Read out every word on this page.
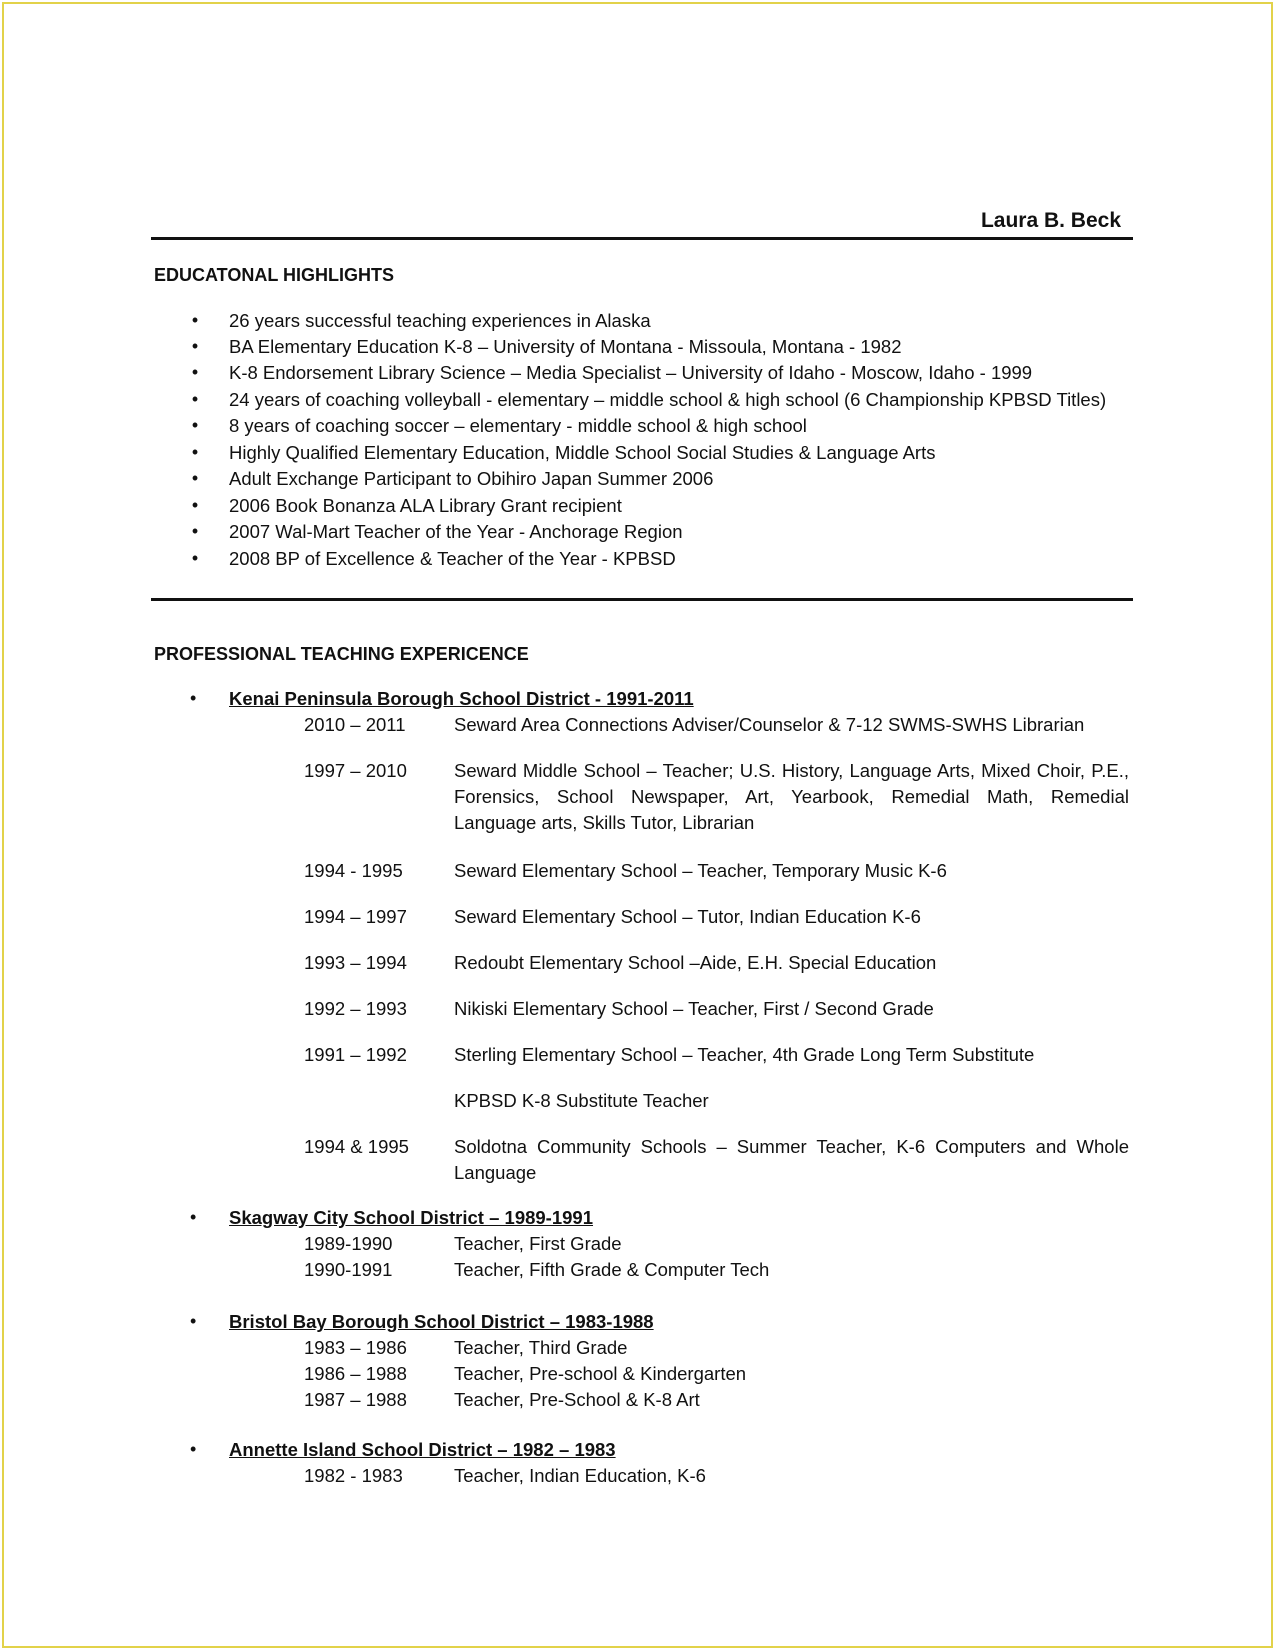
Laura B. Beck
EDUCATONAL HIGHLIGHTS
• 26 years successful teaching experiences in Alaska
• BA Elementary Education K-8 – University of Montana - Missoula, Montana - 1982
• K-8 Endorsement Library Science – Media Specialist – University of Idaho - Moscow, Idaho - 1999
• 24 years of coaching volleyball - elementary – middle school & high school (6 Championship KPBSD Titles)
• 8 years of coaching soccer – elementary - middle school & high school
• Highly Qualified Elementary Education, Middle School Social Studies & Language Arts
• Adult Exchange Participant to Obihiro Japan Summer 2006
• 2006 Book Bonanza ALA Library Grant recipient
• 2007 Wal-Mart Teacher of the Year - Anchorage Region
• 2008 BP of Excellence & Teacher of the Year - KPBSD
PROFESSIONAL TEACHING EXPERICENCE
• Kenai Peninsula Borough School District - 1991-2011
2010 – 2011	Seward Area Connections Adviser/Counselor & 7-12 SWMS-SWHS Librarian
1997 – 2010	Seward Middle School – Teacher; U.S. History, Language Arts, Mixed Choir, P.E., Forensics, School Newspaper, Art, Yearbook, Remedial Math, Remedial Language arts, Skills Tutor, Librarian
1994 - 1995	Seward Elementary School – Teacher, Temporary Music K-6
1994 – 1997	Seward Elementary School – Tutor, Indian Education K-6
1993 – 1994	Redoubt Elementary School –Aide, E.H. Special Education
1992 – 1993	Nikiski Elementary School – Teacher, First / Second Grade
1991 – 1992	Sterling Elementary School – Teacher, 4th Grade Long Term Substitute
KPBSD K-8 Substitute Teacher
1994 & 1995 Soldotna Community Schools – Summer Teacher, K-6 Computers and Whole Language
• Skagway City School District – 1989-1991
1989-1990	Teacher, First Grade
1990-1991	Teacher, Fifth Grade & Computer Tech
• Bristol Bay Borough School District – 1983-1988
1983 – 1986	Teacher, Third Grade
1986 – 1988	Teacher, Pre-school & Kindergarten
1987 – 1988	Teacher, Pre-School & K-8 Art
• Annette Island School District – 1982 – 1983
1982 - 1983	Teacher, Indian Education, K-6
